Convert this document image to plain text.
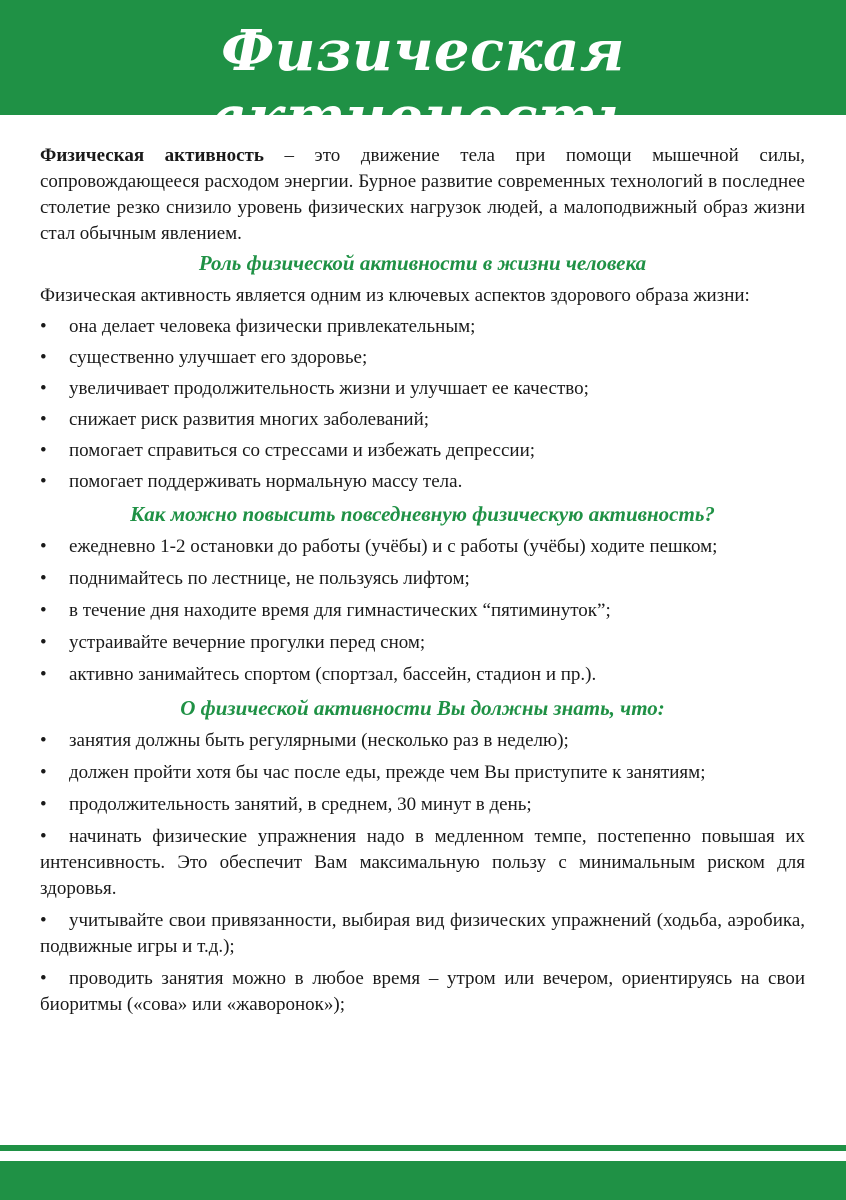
Физическая активность

Физическая активность – это движение тела при помощи мышечной силы, сопровождающееся расходом энергии. Бурное развитие современных технологий в последнее столетие резко снизило уровень физических нагрузок людей, а малоподвижный образ жизни стал обычным явлением.

Роль физической активности в жизни человека

Физическая активность является одним из ключевых аспектов здорового образа жизни:

• она делает человека физически привлекательным;
• существенно улучшает его здоровье;
• увеличивает продолжительность жизни и улучшает ее качество;
• снижает риск развития многих заболеваний;
• помогает справиться со стрессами и избежать депрессии;
• помогает поддерживать нормальную массу тела.
Как можно повысить повседневную физическую активность?
• ежедневно 1-2 остановки до работы (учёбы) и с работы (учёбы) ходите пешком;
• поднимайтесь по лестнице, не пользуясь лифтом;
• в течение дня находите время для гимнастических “пятиминуток”;
• устраивайте вечерние прогулки перед сном;
• активно занимайтесь спортом (спортзал, бассейн, стадион и пр.).
О физической активности Вы должны знать, что:
• занятия должны быть регулярными (несколько раз в неделю);
• должен пройти хотя бы час после еды, прежде чем Вы приступите к занятиям;
• продолжительность занятий, в среднем, 30 минут в день;
• начинать физические упражнения надо в медленном темпе, постепенно повышая их интенсивность. Это обеспечит Вам максимальную пользу с минимальным риском для здоровья.
• учитывайте свои привязанности, выбирая вид физических упражнений (ходьба, аэробика, подвижные игры и т.д.);
• проводить занятия можно в любое время – утром или вечером, ориентируясь на свои биоритмы («сова» или «жаворонок»);
